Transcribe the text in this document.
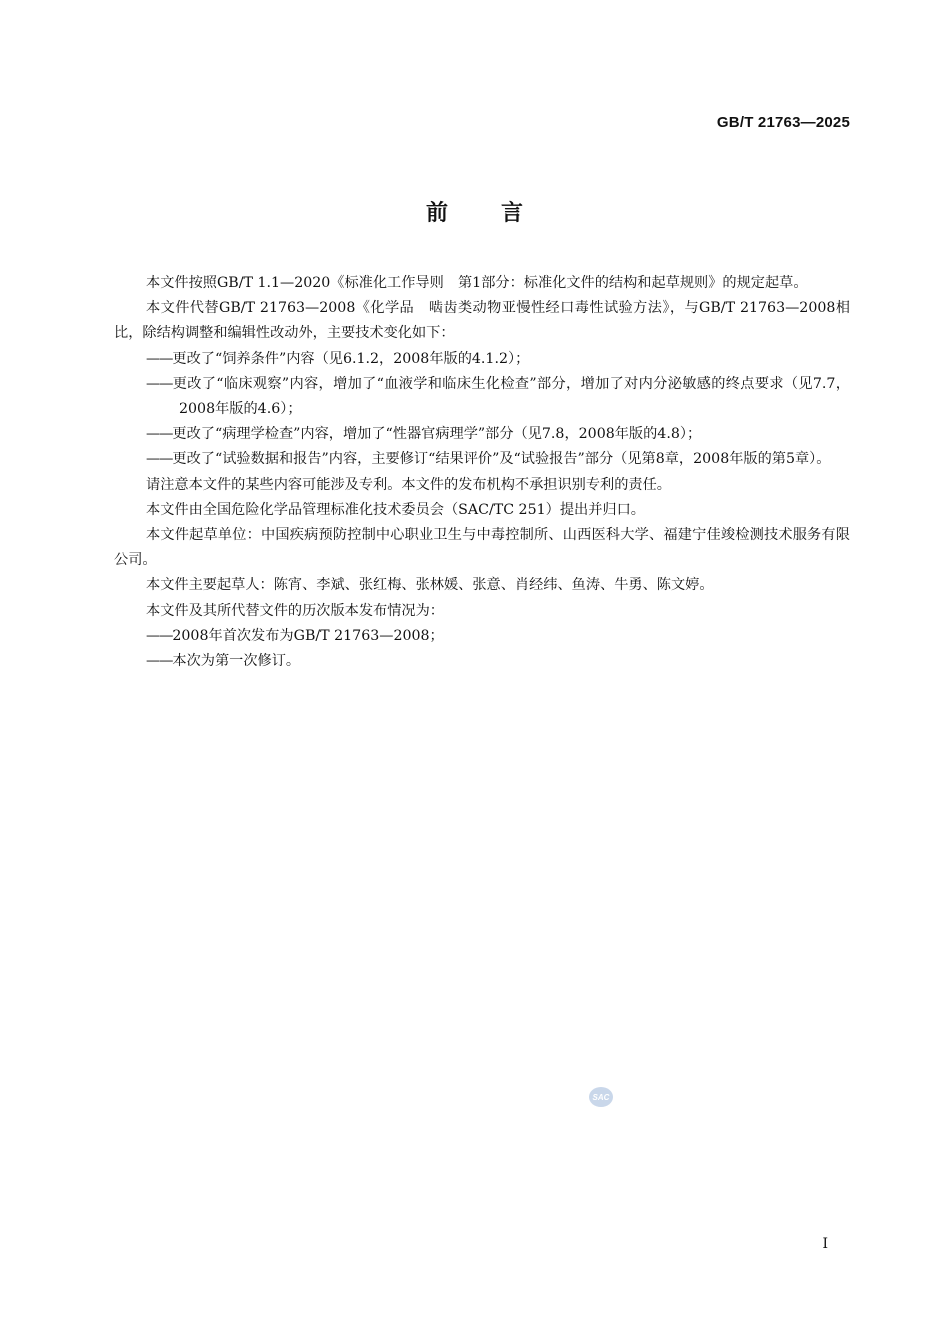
GB/T 21763—2025
前 言

本文件按照GB/T 1.1—2020《标准化工作导则　第1部分：标准化文件的结构和起草规则》的规定起草。

本文件代替GB/T 21763—2008《化学品　啮齿类动物亚慢性经口毒性试验方法》，与GB/T 21763—2008相比，除结构调整和编辑性改动外，主要技术变化如下：

——更改了“饲养条件”内容（见6.1.2，2008年版的4.1.2）；

——更改了“临床观察”内容，增加了“血液学和临床生化检查”部分，增加了对内分泌敏感的终点要求（见7.7，2008年版的4.6）；

——更改了“病理学检查”内容，增加了“性器官病理学”部分（见7.8，2008年版的4.8）；

——更改了“试验数据和报告”内容，主要修订“结果评价”及“试验报告”部分（见第8章，2008年版的第5章）。

请注意本文件的某些内容可能涉及专利。本文件的发布机构不承担识别专利的责任。

本文件由全国危险化学品管理标准化技术委员会（SAC/TC 251）提出并归口。

本文件起草单位：中国疾病预防控制中心职业卫生与中毒控制所、山西医科大学、福建宁佳竣检测技术服务有限公司。

本文件主要起草人：陈宵、李斌、张红梅、张林媛、张意、肖经纬、鱼涛、牛勇、陈文婷。

本文件及其所代替文件的历次版本发布情况为：

——2008年首次发布为GB/T 21763—2008；

——本次为第一次修订。

SAC
I
